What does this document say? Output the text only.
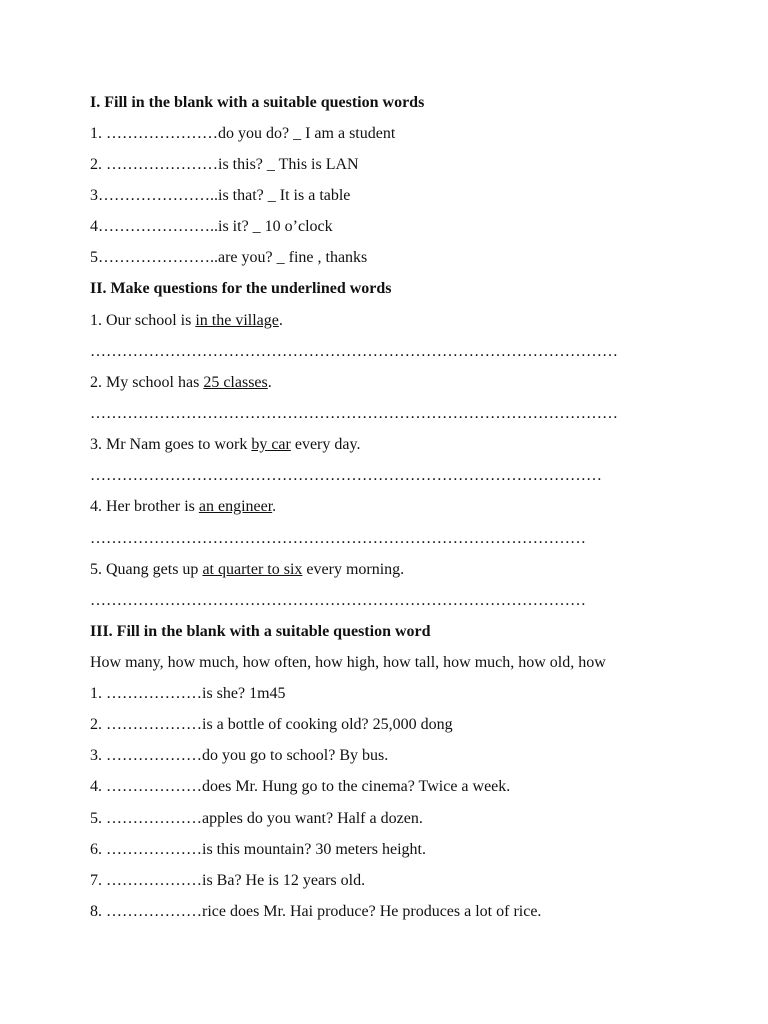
I. Fill in the blank with a suitable question words
1. …………………do you do? _ I am a student
2. …………………is this? _ This is LAN
3…………………..is that? _ It is a table
4…………………..is it? _ 10 o’clock
5…………………..are you? _ fine , thanks
II. Make questions for the underlined words
1. Our school is in the village.
………………………………………………………………………………………
2. My school has 25 classes.
………………………………………………………………………………………
3. Mr Nam goes to work by car every day.
……………………………………………………………………………………
4. Her brother is an engineer.
…………………………………………………………………………………
5. Quang gets up at quarter to six every morning.
…………………………………………………………………………………
III. Fill in the blank with a suitable question word
How many, how much, how often, how high, how tall, how much, how old, how
1. ………………is she? 1m45
2. ………………is a bottle of cooking old? 25,000 dong
3. ………………do you go to school? By bus.
4. ………………does Mr. Hung go to the cinema? Twice a week.
5. ………………apples do you want? Half a dozen.
6. ………………is this mountain? 30 meters height.
7. ………………is Ba? He is 12 years old.
8. ………………rice does Mr. Hai produce? He produces a lot of rice.
